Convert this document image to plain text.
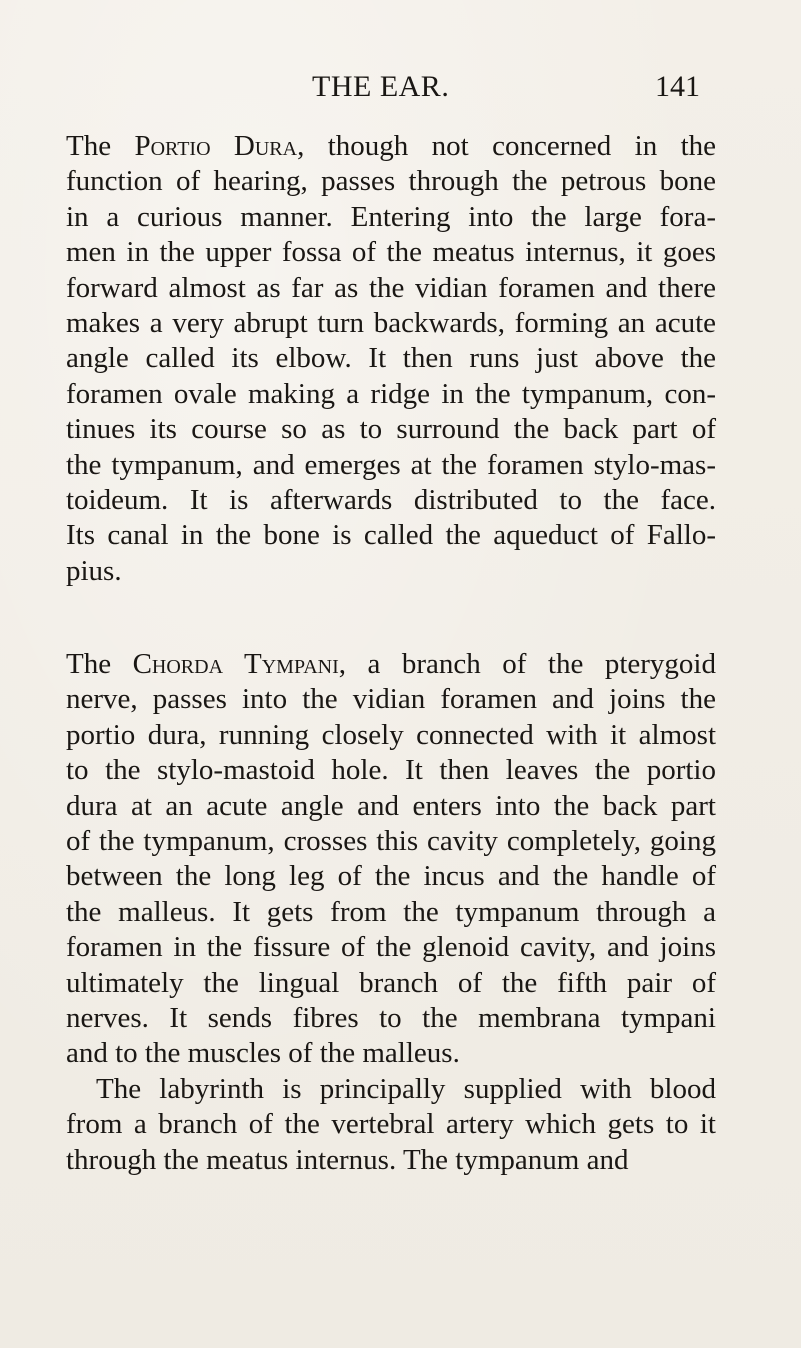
THE EAR.	141
The Portio Dura, though not concerned in the
function of hearing, passes through the petrous bone
in a curious manner. Entering into the large fora-
men in the upper fossa of the meatus internus, it goes
forward almost as far as the vidian foramen and there
makes a very abrupt turn backwards, forming an acute
angle called its elbow. It then runs just above the
foramen ovale making a ridge in the tympanum, con-
tinues its course so as to surround the back part of
the tympanum, and emerges at the foramen stylo-mas-
toideum. It is afterwards distributed to the face.
Its canal in the bone is called the aqueduct of Fallo-
pius.
The Chorda Tympani, a branch of the pterygoid
nerve, passes into the vidian foramen and joins the
portio dura, running closely connected with it almost
to the stylo-mastoid hole. It then leaves the portio
dura at an acute angle and enters into the back part
of the tympanum, crosses this cavity completely, going
between the long leg of the incus and the handle of
the malleus. It gets from the tympanum through a
foramen in the fissure of the glenoid cavity, and joins
ultimately the lingual branch of the fifth pair of
nerves. It sends fibres to the membrana tympani
and to the muscles of the malleus.
The labyrinth is principally supplied with blood
from a branch of the vertebral artery which gets to it
through the meatus internus. The tympanum and
